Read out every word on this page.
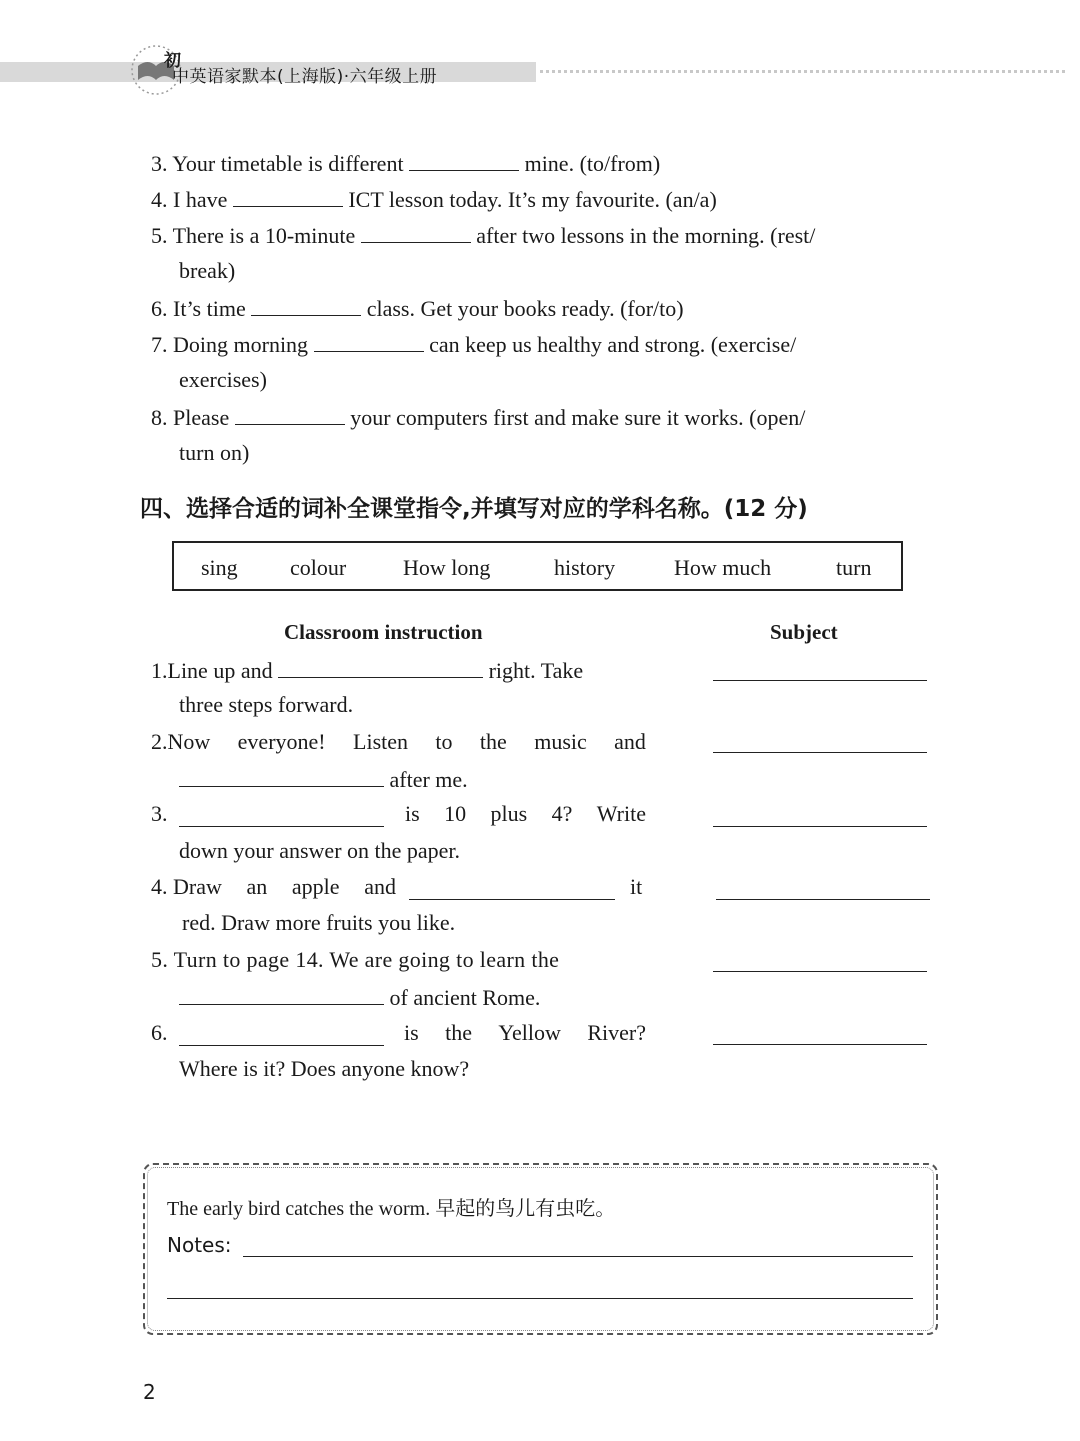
初
中英语家默本(上海版)·六年级上册
3. Your timetable is different	mine. (to/from)
4. I have	ICT lesson today. It’s my favourite. (an/a)
5. There is a 10-minute	after two lessons in the morning. (rest/
break)
6. It’s time	class. Get your books ready. (for/to)
7. Doing morning	can keep us healthy and strong. (exercise/
exercises)
8. Please	your computers first and make sure it works. (open/
turn on)
四、选择合适的词补全课堂指令,并填写对应的学科名称。(12 分)
sing colour	How long	history	How much	turn
Classroom instruction	Subject
1.Line up and	right. Take
three steps forward.
2.Now everyone! Listen to the music and
after me.
3.	is 10 plus 4? Write
down your answer on the paper.
4. Draw an apple and	it
red. Draw more fruits you like.
5. Turn to page 14. We are going to learn the
of ancient Rome.
6.	is the Yellow River?
Where is it? Does anyone know?
The early bird catches the worm. 早起的鸟儿有虫吃。
Notes:
2
